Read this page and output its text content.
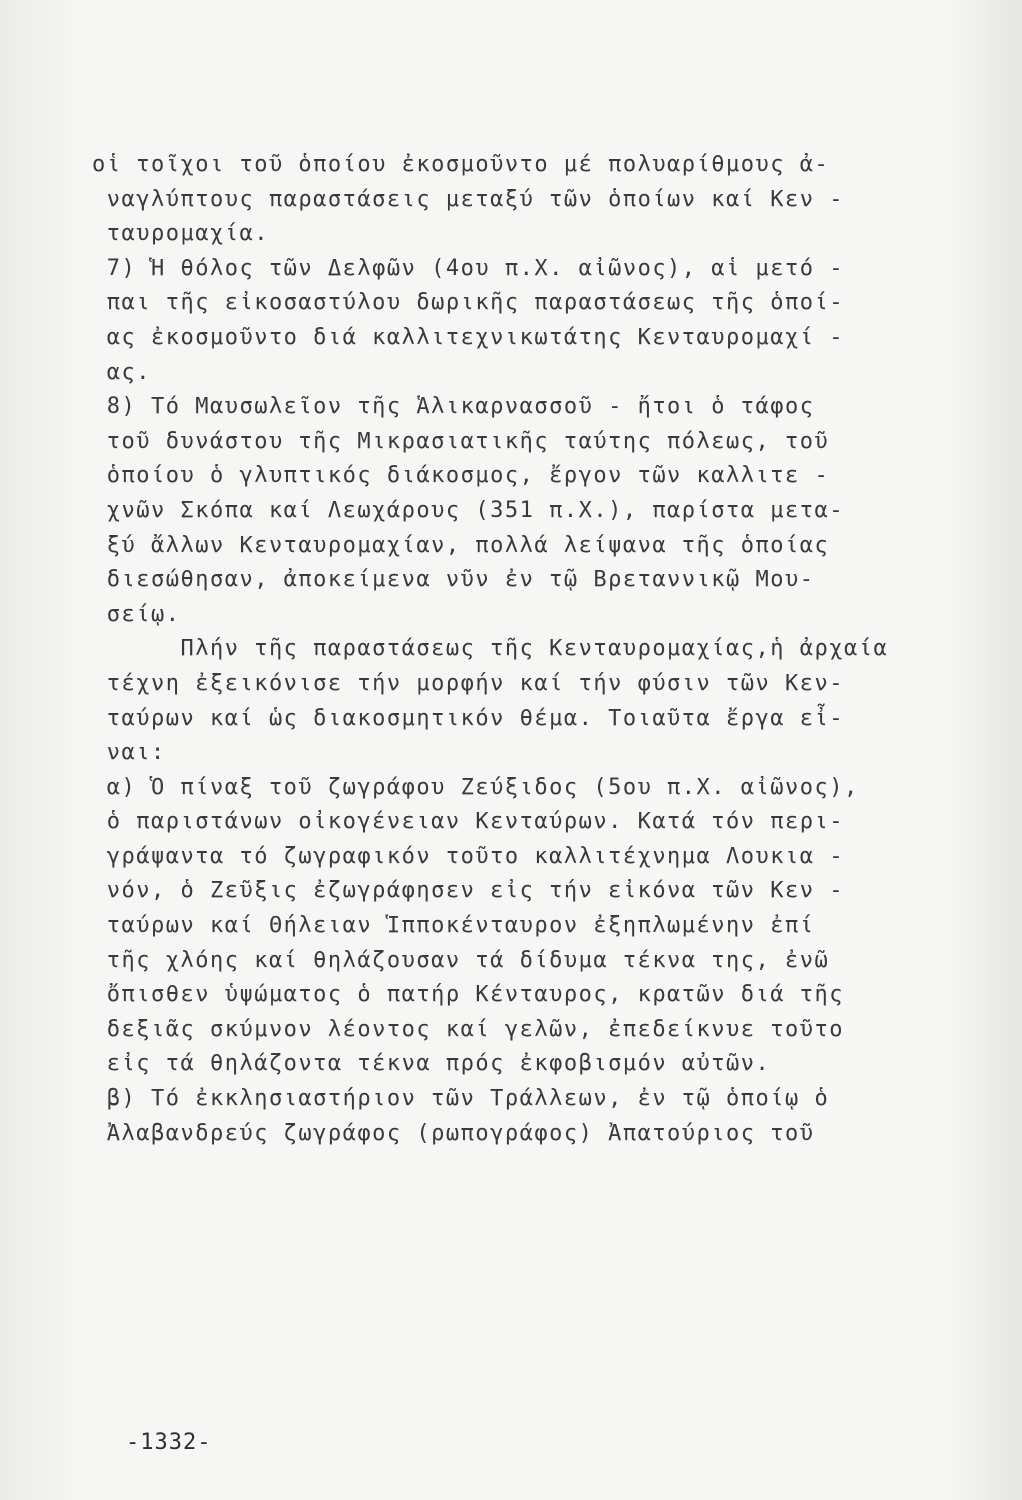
οἱ τοῖχοι τοῦ ὁποίου ἐκοσμοῦντο μέ πολυαρίθμους ἀ-
ναγλύπτους παραστάσεις μεταξύ τῶν ὁποίων καί Κεν -
ταυρομαχία.
7) Ἡ θόλος τῶν Δελφῶν (4ου π.Χ. αἰῶνος), αἱ μετό -
παι τῆς εἰκοσαστύλου δωρικῆς παραστάσεως τῆς ὁποί-
ας ἐκοσμοῦντο διά καλλιτεχνικωτάτης Κενταυρομαχί -
ας.
8) Τό Μαυσωλεῖον τῆς Ἁλικαρνασσοῦ - ἤτοι ὁ τάφος
τοῦ δυνάστου τῆς Μικρασιατικῆς ταύτης πόλεως, τοῦ
ὁποίου ὁ γλυπτικός διάκοσμος, ἔργον τῶν καλλιτε -
χνῶν Σκόπα καί Λεωχάρους (351 π.Χ.), παρίστα μετα-
ξύ ἄλλων Κενταυρομαχίαν, πολλά λείψανα τῆς ὁποίας
διεσώθησαν, ἀποκείμενα νῦν ἐν τῷ Βρεταννικῷ Μου-
σείῳ.
Πλήν τῆς παραστάσεως τῆς Κενταυρομαχίας,ἡ ἀρχαία
τέχνη ἐξεικόνισε τήν μορφήν καί τήν φύσιν τῶν Κεν-
ταύρων καί ὡς διακοσμητικόν θέμα. Τοιαῦτα ἔργα εἶ-
ναι:
α) Ὁ πίναξ τοῦ ζωγράφου Ζεύξιδος (5ου π.Χ. αἰῶνος),
ὁ παριστάνων οἰκογένειαν Κενταύρων. Κατά τόν περι-
γράψαντα τό ζωγραφικόν τοῦτο καλλιτέχνημα Λουκια -
νόν, ὁ Ζεῦξις ἐζωγράφησεν εἰς τήν εἰκόνα τῶν Κεν -
ταύρων καί Θήλειαν Ἱπποκένταυρον ἐξηπλωμένην ἐπί
τῆς χλόης καί θηλάζουσαν τά δίδυμα τέκνα της, ἐνῶ
ὄπισθεν ὑψώματος ὁ πατήρ Κένταυρος, κρατῶν διά τῆς
δεξιᾶς σκύμνον λέοντος καί γελῶν, ἐπεδείκνυε τοῦτο
εἰς τά θηλάζοντα τέκνα πρός ἐκφοβισμόν αὐτῶν.
β) Τό ἐκκλησιαστήριον τῶν Τράλλεων, ἐν τῷ ὁποίῳ ὁ
Ἀλαβανδρεύς ζωγράφος (ρωπογράφος) Ἀπατούριος τοῦ
-1332-
